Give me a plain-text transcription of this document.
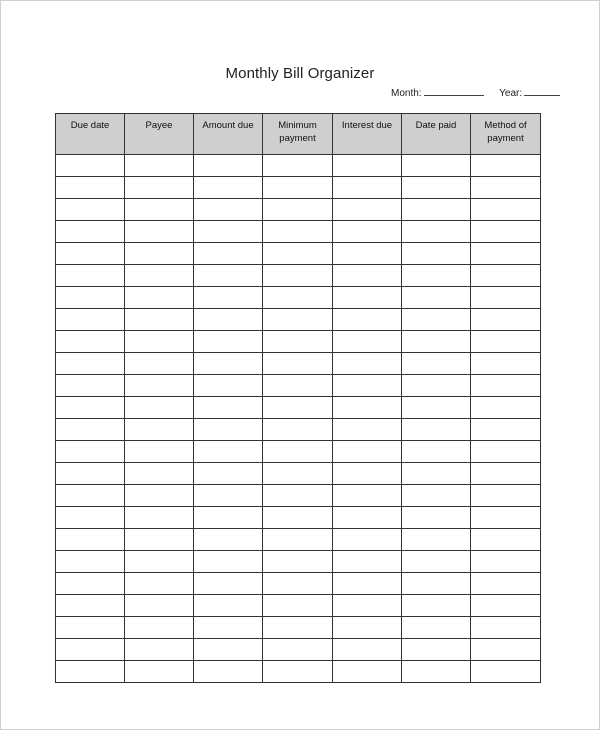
Monthly Bill Organizer
Month:	Year:
Due date	Payee	Amount due	Minimum payment	Interest due	Date paid	Method of payment
